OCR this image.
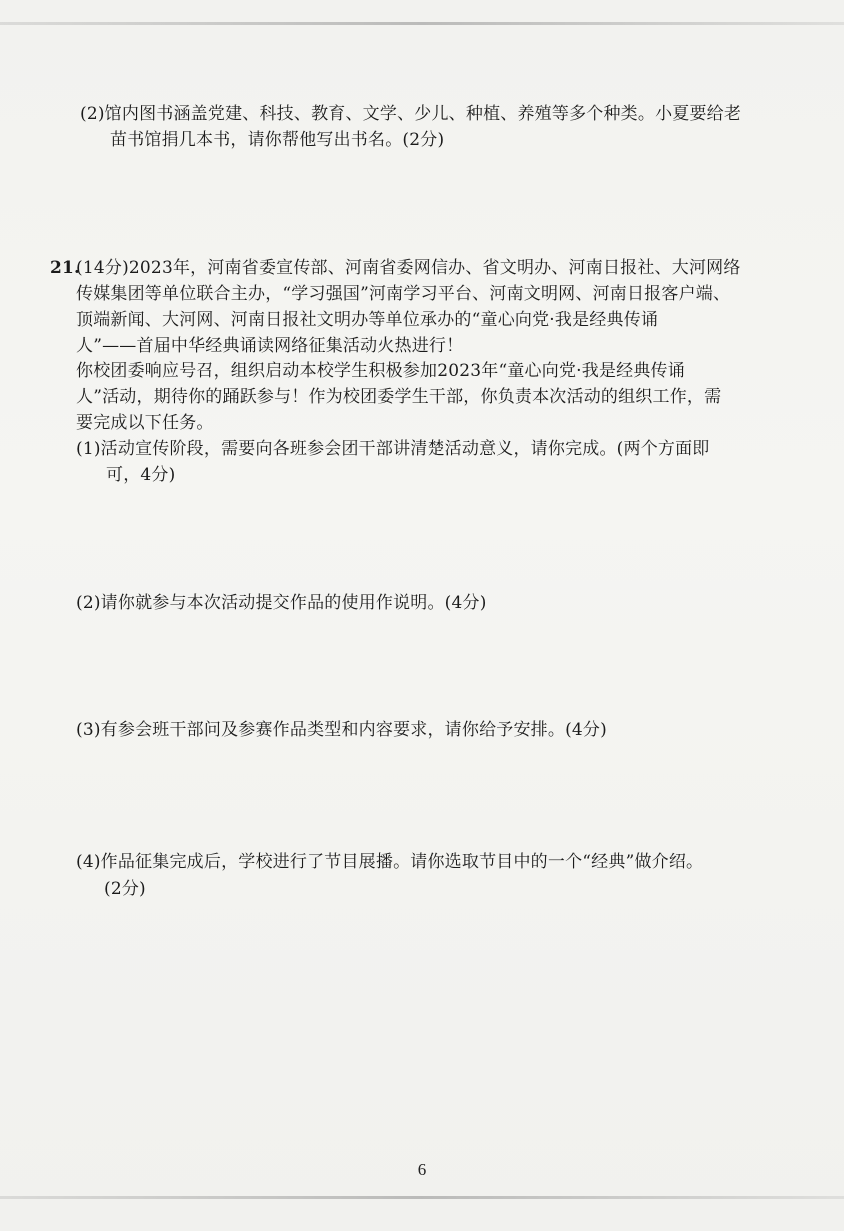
(2)馆内图书涵盖党建、科技、教育、文学、少儿、种植、养殖等多个种类。小夏要给老
苗书馆捐几本书，请你帮他写出书名。(2分)
21.
(14分)2023年，河南省委宣传部、河南省委网信办、省文明办、河南日报社、大河网络
传媒集团等单位联合主办，“学习强国”河南学习平台、河南文明网、河南日报客户端、
顶端新闻、大河网、河南日报社文明办等单位承办的“童心向党·我是经典传诵
人”——首届中华经典诵读网络征集活动火热进行！
你校团委响应号召，组织启动本校学生积极参加2023年“童心向党·我是经典传诵
人”活动，期待你的踊跃参与！作为校团委学生干部，你负责本次活动的组织工作，需
要完成以下任务。
(1)活动宣传阶段，需要向各班参会团干部讲清楚活动意义，请你完成。(两个方面即
可，4分)
(2)请你就参与本次活动提交作品的使用作说明。(4分)
(3)有参会班干部问及参赛作品类型和内容要求，请你给予安排。(4分)
(4)作品征集完成后，学校进行了节目展播。请你选取节目中的一个“经典”做介绍。
(2分)
6
